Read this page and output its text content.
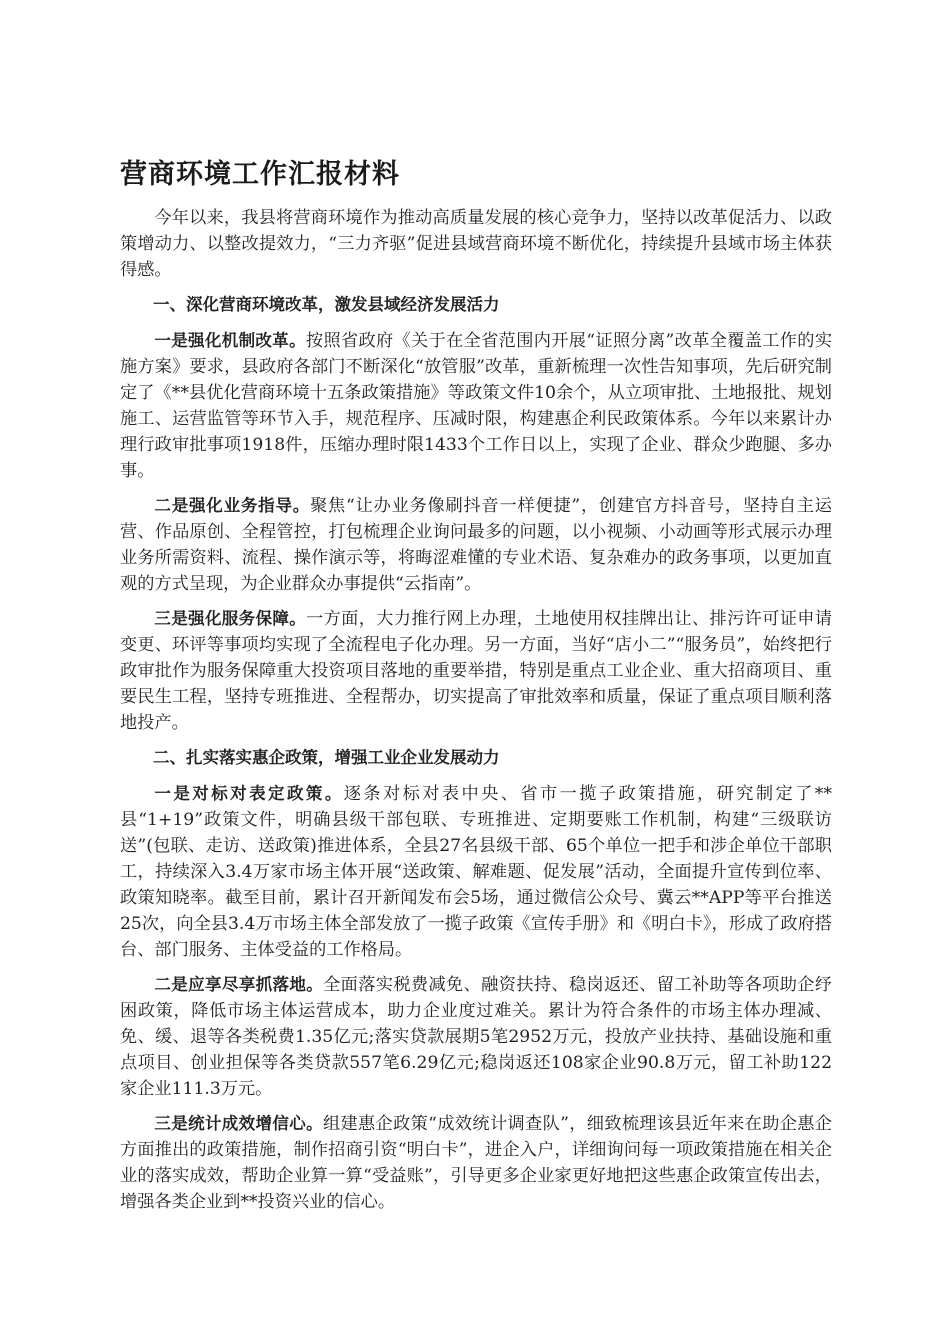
营商环境工作汇报材料

今年以来，我县将营商环境作为推动高质量发展的核心竞争力，坚持以改革促活力、以政策增动力、以整改提效力，“三力齐驱”促进县域营商环境不断优化，持续提升县域市场主体获得感。

一、深化营商环境改革，激发县域经济发展活力

一是强化机制改革。按照省政府《关于在全省范围内开展“证照分离”改革全覆盖工作的实施方案》要求，县政府各部门不断深化“放管服”改革，重新梳理一次性告知事项，先后研究制定了《**县优化营商环境十五条政策措施》等政策文件10余个，从立项审批、土地报批、规划施工、运营监管等环节入手，规范程序、压减时限，构建惠企利民政策体系。今年以来累计办理行政审批事项1918件，压缩办理时限1433个工作日以上，实现了企业、群众少跑腿、多办事。

二是强化业务指导。聚焦“让办业务像刷抖音一样便捷”，创建官方抖音号，坚持自主运营、作品原创、全程管控，打包梳理企业询问最多的问题，以小视频、小动画等形式展示办理业务所需资料、流程、操作演示等，将晦涩难懂的专业术语、复杂难办的政务事项，以更加直观的方式呈现，为企业群众办事提供“云指南”。

三是强化服务保障。一方面，大力推行网上办理，土地使用权挂牌出让、排污许可证申请变更、环评等事项均实现了全流程电子化办理。另一方面，当好“店小二”“服务员”，始终把行政审批作为服务保障重大投资项目落地的重要举措，特别是重点工业企业、重大招商项目、重要民生工程，坚持专班推进、全程帮办，切实提高了审批效率和质量，保证了重点项目顺利落地投产。

二、扎实落实惠企政策，增强工业企业发展动力

一是对标对表定政策。逐条对标对表中央、省市一揽子政策措施，研究制定了**县“1+19”政策文件，明确县级干部包联、专班推进、定期要账工作机制，构建“三级联访送”(包联、走访、送政策)推进体系，全县27名县级干部、65个单位一把手和涉企单位干部职工，持续深入3.4万家市场主体开展“送政策、解难题、促发展”活动，全面提升宣传到位率、政策知晓率。截至目前，累计召开新闻发布会5场，通过微信公众号、冀云**APP等平台推送25次，向全县3.4万市场主体全部发放了一揽子政策《宣传手册》和《明白卡》，形成了政府搭台、部门服务、主体受益的工作格局。

二是应享尽享抓落地。全面落实税费减免、融资扶持、稳岗返还、留工补助等各项助企纾困政策，降低市场主体运营成本，助力企业度过难关。累计为符合条件的市场主体办理减、免、缓、退等各类税费1.35亿元;落实贷款展期5笔2952万元，投放产业扶持、基础设施和重点项目、创业担保等各类贷款557笔6.29亿元;稳岗返还108家企业90.8万元，留工补助122家企业111.3万元。

三是统计成效增信心。组建惠企政策“成效统计调查队”，细致梳理该县近年来在助企惠企方面推出的政策措施，制作招商引资“明白卡”，进企入户，详细询问每一项政策措施在相关企业的落实成效，帮助企业算一算“受益账”，引导更多企业家更好地把这些惠企政策宣传出去，增强各类企业到**投资兴业的信心。
